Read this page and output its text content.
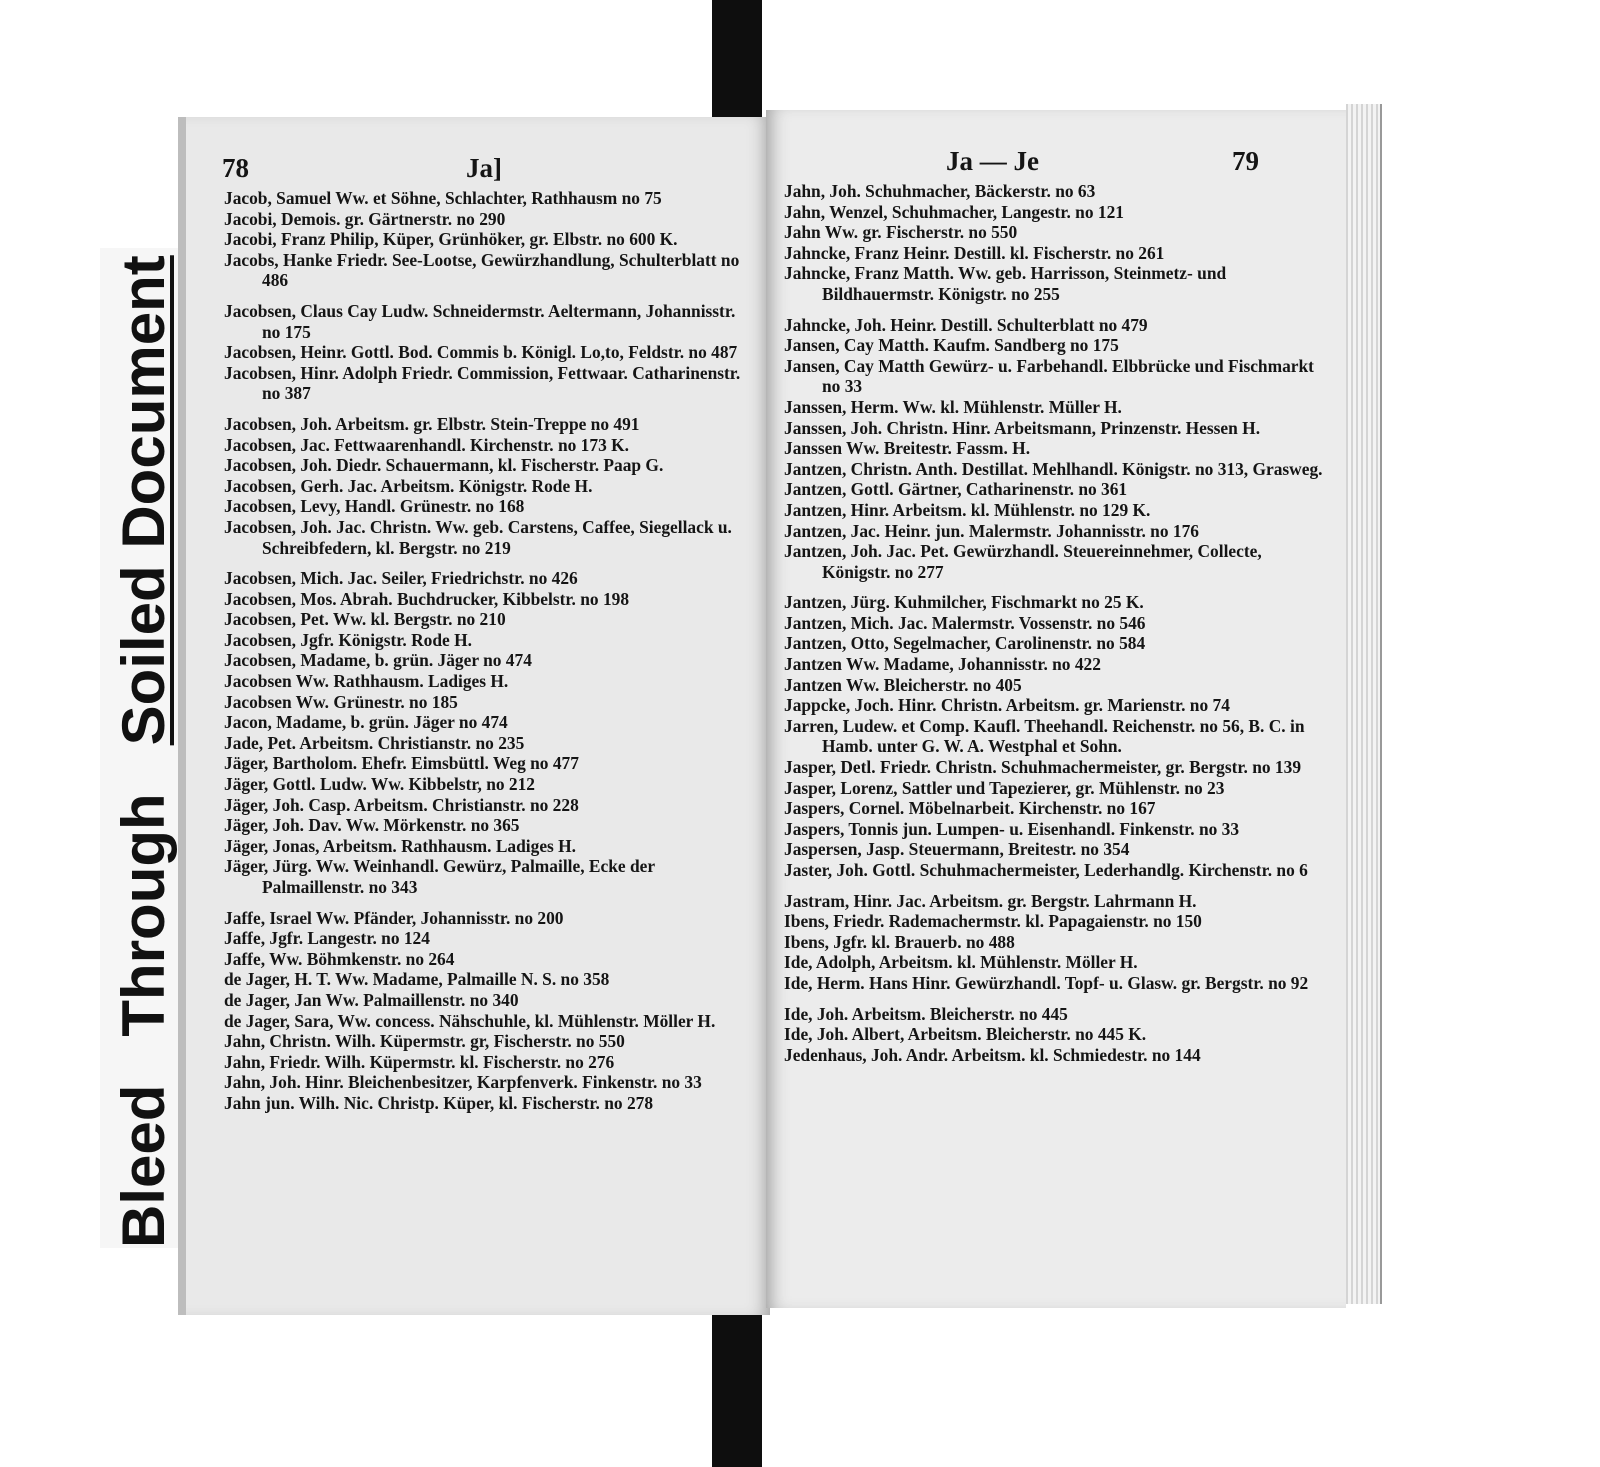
BleedThroughSoiled Document
78	Ja]

Jacob, Samuel Ww. et Söhne, Schlachter, Rathhausm no 75

Jacobi, Demois. gr. Gärtnerstr. no 290

Jacobi, Franz Philip, Küper, Grünhöker, gr. Elbstr. no 600 K.

Jacobs, Hanke Friedr. See-Lootse, Gewürzhandlung, Schulterblatt no 486

Jacobsen, Claus Cay Ludw. Schneidermstr. Aeltermann, Johannisstr. no 175

Jacobsen, Heinr. Gottl. Bod. Commis b. Königl. Lo,to, Feldstr. no 487

Jacobsen, Hinr. Adolph Friedr. Commission, Fettwaar. Catharinenstr. no 387

Jacobsen, Joh. Arbeitsm. gr. Elbstr. Stein-Treppe no 491

Jacobsen, Jac. Fettwaarenhandl. Kirchenstr. no 173 K.

Jacobsen, Joh. Diedr. Schauermann, kl. Fischerstr. Paap G.

Jacobsen, Gerh. Jac. Arbeitsm. Königstr. Rode H.

Jacobsen, Levy, Handl. Grünestr. no 168

Jacobsen, Joh. Jac. Christn. Ww. geb. Carstens, Caffee, Siegellack u. Schreibfedern, kl. Bergstr. no 219

Jacobsen, Mich. Jac. Seiler, Friedrichstr. no 426

Jacobsen, Mos. Abrah. Buchdrucker, Kibbelstr. no 198

Jacobsen, Pet. Ww. kl. Bergstr. no 210

Jacobsen, Jgfr. Königstr. Rode H.

Jacobsen, Madame, b. grün. Jäger no 474

Jacobsen Ww. Rathhausm. Ladiges H.

Jacobsen Ww. Grünestr. no 185

Jacon, Madame, b. grün. Jäger no 474

Jade, Pet. Arbeitsm. Christianstr. no 235

Jäger, Bartholom. Ehefr. Eimsbüttl. Weg no 477

Jäger, Gottl. Ludw. Ww. Kibbelstr, no 212

Jäger, Joh. Casp. Arbeitsm. Christianstr. no 228

Jäger, Joh. Dav. Ww. Mörkenstr. no 365

Jäger, Jonas, Arbeitsm. Rathhausm. Ladiges H.

Jäger, Jürg. Ww. Weinhandl. Gewürz, Palmaille, Ecke der Palmaillenstr. no 343

Jaffe, Israel Ww. Pfänder, Johannisstr. no 200

Jaffe, Jgfr. Langestr. no 124

Jaffe, Ww. Böhmkenstr. no 264

de Jager, H. T. Ww. Madame, Palmaille N. S. no 358

de Jager, Jan Ww. Palmaillenstr. no 340

de Jager, Sara, Ww. concess. Nähschuhle, kl. Mühlenstr. Möller H.

Jahn, Christn. Wilh. Küpermstr. gr, Fischerstr. no 550

Jahn, Friedr. Wilh. Küpermstr. kl. Fischerstr. no 276

Jahn, Joh. Hinr. Bleichenbesitzer, Karpfenverk. Finkenstr. no 33

Jahn jun. Wilh. Nic. Christp. Küper, kl. Fischerstr. no 278

Ja — Je	79

Jahn, Joh. Schuhmacher, Bäckerstr. no 63

Jahn, Wenzel, Schuhmacher, Langestr. no 121

Jahn Ww. gr. Fischerstr. no 550

Jahncke, Franz Heinr. Destill. kl. Fischerstr. no 261

Jahncke, Franz Matth. Ww. geb. Harrisson, Steinmetz- und Bildhauermstr. Königstr. no 255

Jahncke, Joh. Heinr. Destill. Schulterblatt no 479

Jansen, Cay Matth. Kaufm. Sandberg no 175

Jansen, Cay Matth Gewürz- u. Farbehandl. Elbbrücke und Fischmarkt no 33

Janssen, Herm. Ww. kl. Mühlenstr. Müller H.

Janssen, Joh. Christn. Hinr. Arbeitsmann, Prinzenstr. Hessen H.

Janssen Ww. Breitestr. Fassm. H.

Jantzen, Christn. Anth. Destillat. Mehlhandl. Königstr. no 313, Grasweg.

Jantzen, Gottl. Gärtner, Catharinenstr. no 361

Jantzen, Hinr. Arbeitsm. kl. Mühlenstr. no 129 K.

Jantzen, Jac. Heinr. jun. Malermstr. Johannisstr. no 176

Jantzen, Joh. Jac. Pet. Gewürzhandl. Steuereinnehmer, Collecte, Königstr. no 277

Jantzen, Jürg. Kuhmilcher, Fischmarkt no 25 K.

Jantzen, Mich. Jac. Malermstr. Vossenstr. no 546

Jantzen, Otto, Segelmacher, Carolinenstr. no 584

Jantzen Ww. Madame, Johannisstr. no 422

Jantzen Ww. Bleicherstr. no 405

Jappcke, Joch. Hinr. Christn. Arbeitsm. gr. Marienstr. no 74

Jarren, Ludew. et Comp. Kaufl. Theehandl. Reichenstr. no 56, B. C. in Hamb. unter G. W. A. Westphal et Sohn.

Jasper, Detl. Friedr. Christn. Schuhmachermeister, gr. Bergstr. no 139

Jasper, Lorenz, Sattler und Tapezierer, gr. Mühlenstr. no 23

Jaspers, Cornel. Möbelnarbeit. Kirchenstr. no 167

Jaspers, Tonnis jun. Lumpen- u. Eisenhandl. Finkenstr. no 33

Jaspersen, Jasp. Steuermann, Breitestr. no 354

Jaster, Joh. Gottl. Schuhmachermeister, Lederhandlg. Kirchenstr. no 6

Jastram, Hinr. Jac. Arbeitsm. gr. Bergstr. Lahrmann H.

Ibens, Friedr. Rademachermstr. kl. Papagaienstr. no 150

Ibens, Jgfr. kl. Brauerb. no 488

Ide, Adolph, Arbeitsm. kl. Mühlenstr. Möller H.

Ide, Herm. Hans Hinr. Gewürzhandl. Topf- u. Glasw. gr. Bergstr. no 92

Ide, Joh. Arbeitsm. Bleicherstr. no 445

Ide, Joh. Albert, Arbeitsm. Bleicherstr. no 445 K.

Jedenhaus, Joh. Andr. Arbeitsm. kl. Schmiedestr. no 144
